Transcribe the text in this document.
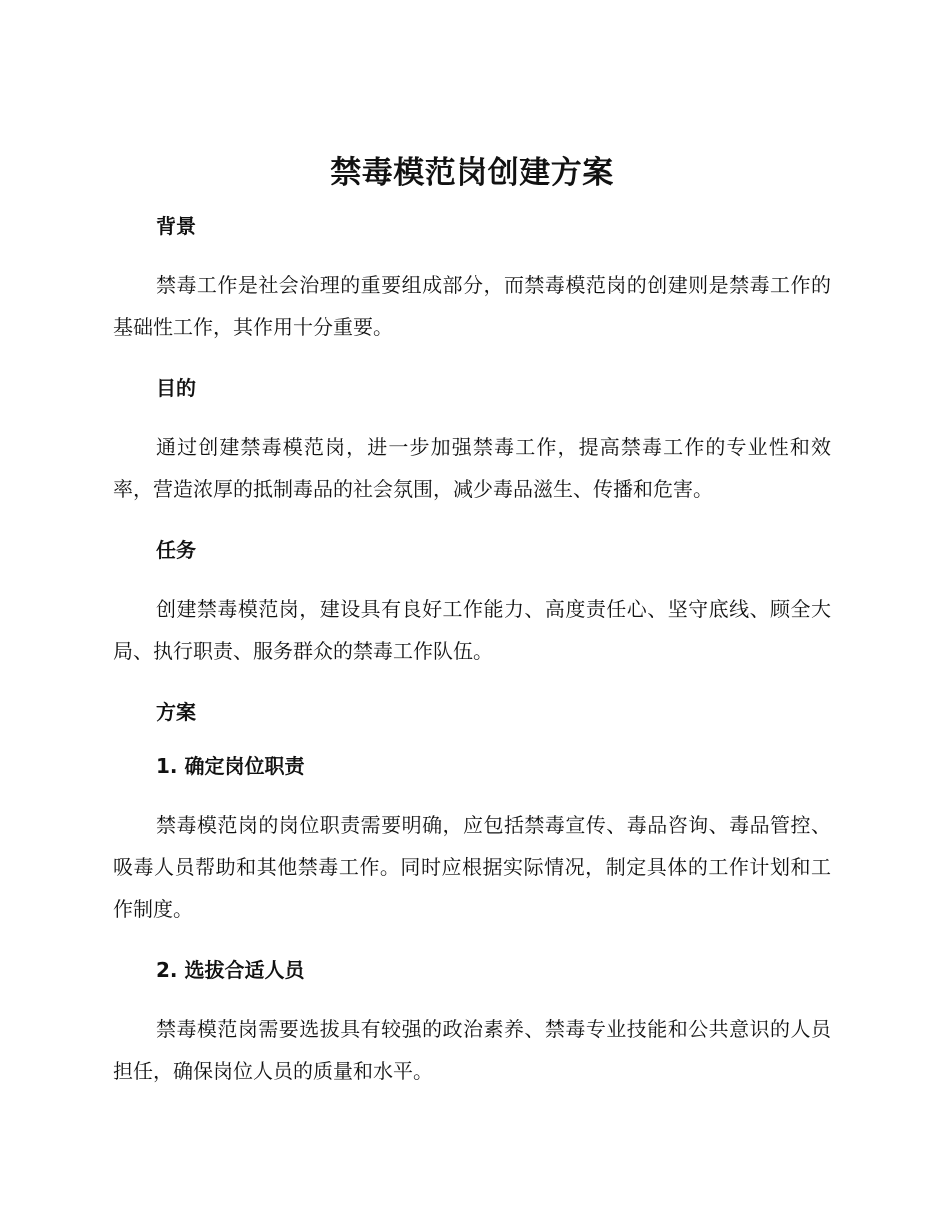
禁毒模范岗创建方案
背景

禁毒工作是社会治理的重要组成部分，而禁毒模范岗的创建则是禁毒工作的基础性工作，其作用十分重要。

目的

通过创建禁毒模范岗，进一步加强禁毒工作，提高禁毒工作的专业性和效率，营造浓厚的抵制毒品的社会氛围，减少毒品滋生、传播和危害。

任务

创建禁毒模范岗，建设具有良好工作能力、高度责任心、坚守底线、顾全大局、执行职责、服务群众的禁毒工作队伍。

方案
1. 确定岗位职责

禁毒模范岗的岗位职责需要明确，应包括禁毒宣传、毒品咨询、毒品管控、吸毒人员帮助和其他禁毒工作。同时应根据实际情况，制定具体的工作计划和工作制度。

2. 选拔合适人员

禁毒模范岗需要选拔具有较强的政治素养、禁毒专业技能和公共意识的人员担任，确保岗位人员的质量和水平。
